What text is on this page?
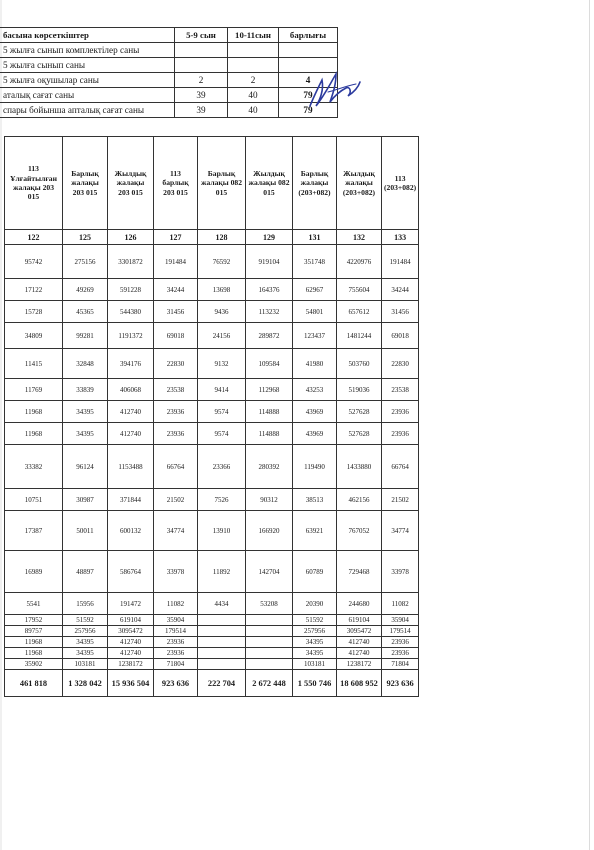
басына көрсеткіштер	5-9 сын	10-11сын	барлығы
5 жылға сынып комплектілер саны			
5 жылға сынып саны			
5 жылға оқушылар саны	2	2	4
аталық сағат саны	39	40	79
спары бойынша апталық сағат саны	39	40	79
113 Ұлғайтылған жалақы 203 015	Барлық жалақы 203 015	Жылдық жалақы 203 015	113 барлық 203 015	Барлық жалақы 082 015	Жылдық жалақы 082 015	Барлық жалақы (203+082)	Жылдық жалақы (203+082)	113 (203+082)
122	125	126	127	128	129	131	132	133
95742	275156	3301872	191484	76592	919104	351748	4220976	191484
17122	49269	591228	34244	13698	164376	62967	755604	34244
15728	45365	544380	31456	9436	113232	54801	657612	31456
34809	99281	1191372	69018	24156	289872	123437	1481244	69018
11415	32848	394176	22830	9132	109584	41980	503760	22830
11769	33839	406068	23538	9414	112968	43253	519036	23538
11968	34395	412740	23936	9574	114888	43969	527628	23936
11968	34395	412740	23936	9574	114888	43969	527628	23936
33382	96124	1153488	66764	23366	280392	119490	1433880	66764
10751	30987	371844	21502	7526	90312	38513	462156	21502
17387	50011	600132	34774	13910	166920	63921	767052	34774
16989	48897	586764	33978	11892	142704	60789	729468	33978
5541	15956	191472	11082	4434	53208	20390	244680	11082
17952	51592	619104	35904			51592	619104	35904
89757	257956	3095472	179514			257956	3095472	179514
11968	34395	412740	23936			34395	412740	23936
11968	34395	412740	23936			34395	412740	23936
35902	103181	1238172	71804			103181	1238172	71804
461 818	1 328 042	15 936 504	923 636	222 704	2 672 448	1 550 746	18 608 952	923 636
